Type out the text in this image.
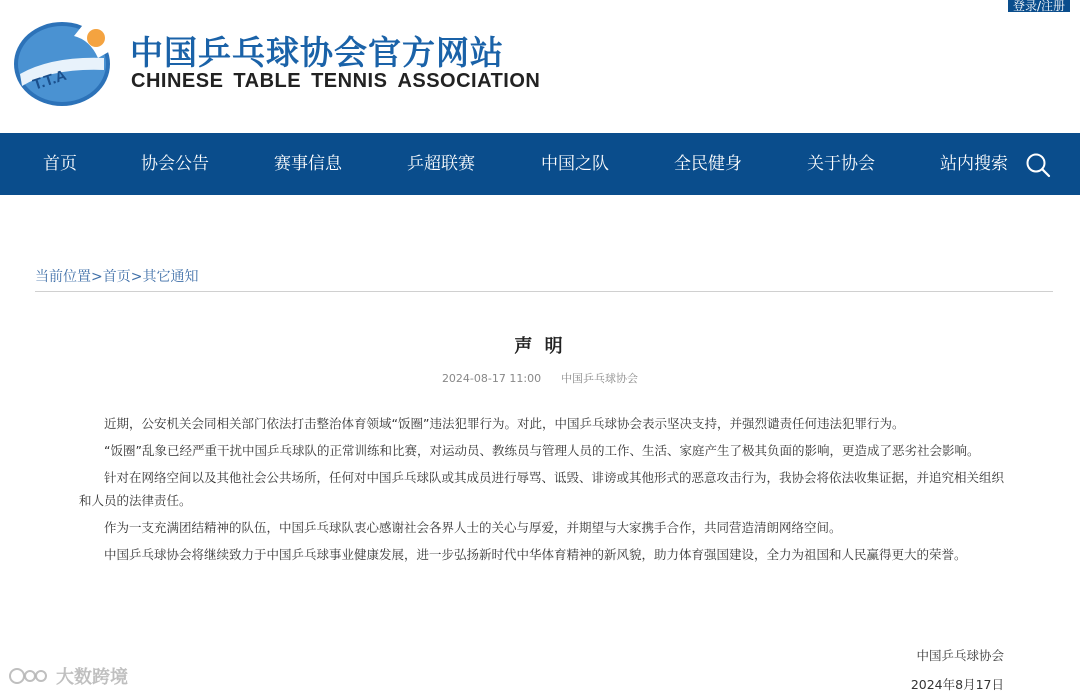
登录/注册
T.T.A
中国乒乓球协会官方网站
CHINESE TABLE TENNIS ASSOCIATION
首页	协会公告	赛事信息	乒超联赛	中国之队	全民健身	关于协会	站内搜索
当前位置>首页>其它通知
声 明
2024-08-17 11:00 中国乒乓球协会

近期，公安机关会同相关部门依法打击整治体育领域“饭圈”违法犯罪行为。对此，中国乒乓球协会表示坚决支持，并强烈谴责任何违法犯罪行为。

“饭圈”乱象已经严重干扰中国乒乓球队的正常训练和比赛，对运动员、教练员与管理人员的工作、生活、家庭产生了极其负面的影响，更造成了恶劣社会影响。

针对在网络空间以及其他社会公共场所，任何对中国乒乓球队或其成员进行辱骂、诋毁、诽谤或其他形式的恶意攻击行为，我协会将依法收集证据，并追究相关组织和人员的法律责任。

作为一支充满团结精神的队伍，中国乒乓球队衷心感谢社会各界人士的关心与厚爱，并期望与大家携手合作，共同营造清朗网络空间。

中国乒乓球协会将继续致力于中国乒乓球事业健康发展，进一步弘扬新时代中华体育精神的新风貌，助力体育强国建设，全力为祖国和人民赢得更大的荣誉。

中国乒乓球协会
2024年8月17日
大数跨境
